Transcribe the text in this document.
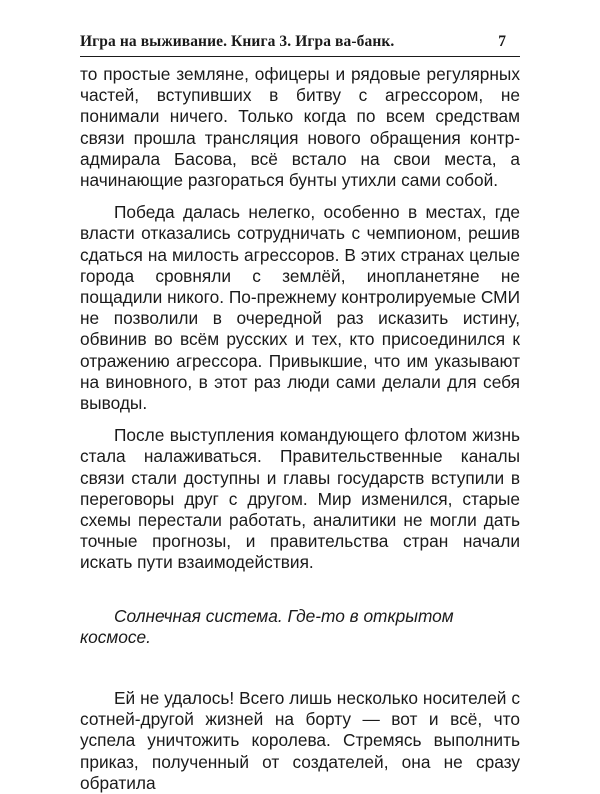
Игра на выживание. Книга 3. Игра ва-банк.	7

то простые земляне, офицеры и рядовые регулярных частей, вступивших в битву с агрессором, не понимали ничего. Только когда по всем средствам связи прошла трансляция нового обращения контр-адмирала Басова, всё встало на свои места, а начинающие разгораться бунты утихли сами собой.

Победа далась нелегко, особенно в местах, где власти отказались сотрудничать с чемпионом, решив сдаться на милость агрессоров. В этих странах целые города сровняли с землёй, инопланетяне не пощадили никого. По-прежнему контролируемые СМИ не позволили в очередной раз исказить истину, обвинив во всём русских и тех, кто присоединился к отражению агрессора. Привыкшие, что им указывают на виновного, в этот раз люди сами делали для себя выводы.

После выступления командующего флотом жизнь стала налаживаться. Правительственные каналы связи стали доступны и главы государств вступили в переговоры друг с другом. Мир изменился, старые схемы перестали работать, аналитики не могли дать точные прогнозы, и правительства стран начали искать пути взаимодействия.

Солнечная система. Где-то в открытом космосе.

Ей не удалось! Всего лишь несколько носителей с сотней-другой жизней на борту — вот и всё, что успела уничтожить королева. Стремясь выполнить приказ, полученный от создателей, она не сразу обратила
